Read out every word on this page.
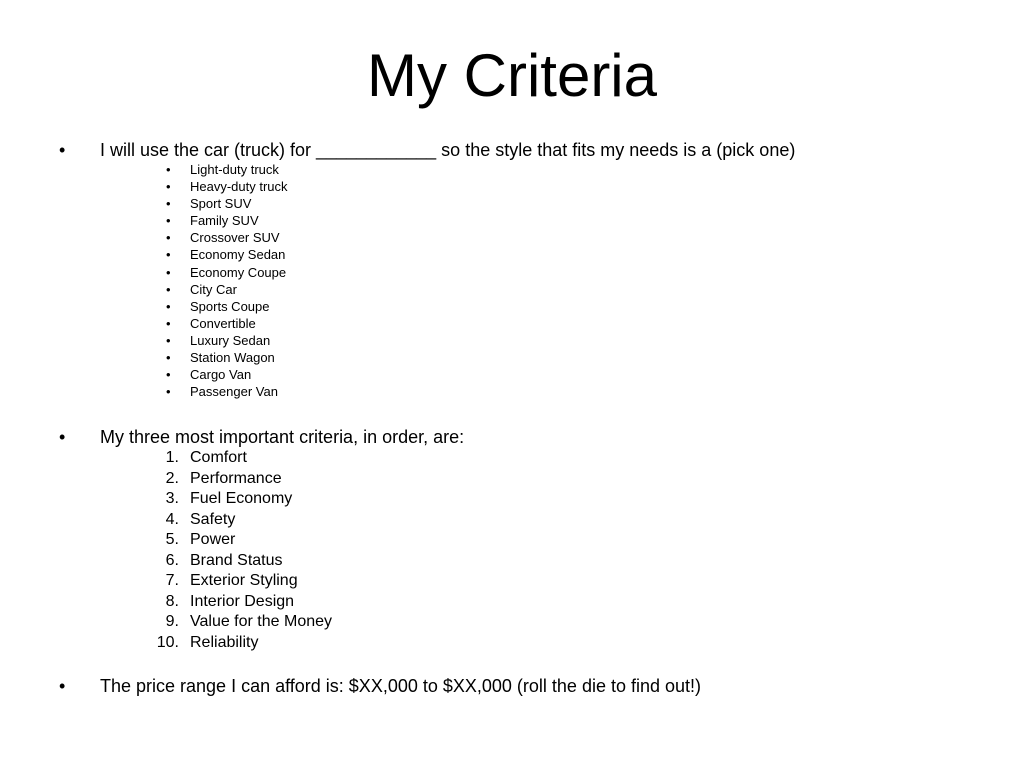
My Criteria
• I will use the car (truck) for ____________ so the style that fits my needs is a (pick one)
• Light-duty truck
• Heavy-duty truck
• Sport SUV
• Family SUV
• Crossover SUV
• Economy Sedan
• Economy Coupe
• City Car
• Sports Coupe
• Convertible
• Luxury Sedan
• Station Wagon
• Cargo Van
• Passenger Van
• My three most important criteria, in order, are:
1. Comfort
2. Performance
3. Fuel Economy
4. Safety
5. Power
6. Brand Status
7. Exterior Styling
8. Interior Design
9. Value for the Money
10. Reliability
• The price range I can afford is: $XX,000 to $XX,000 (roll the die to find out!)
